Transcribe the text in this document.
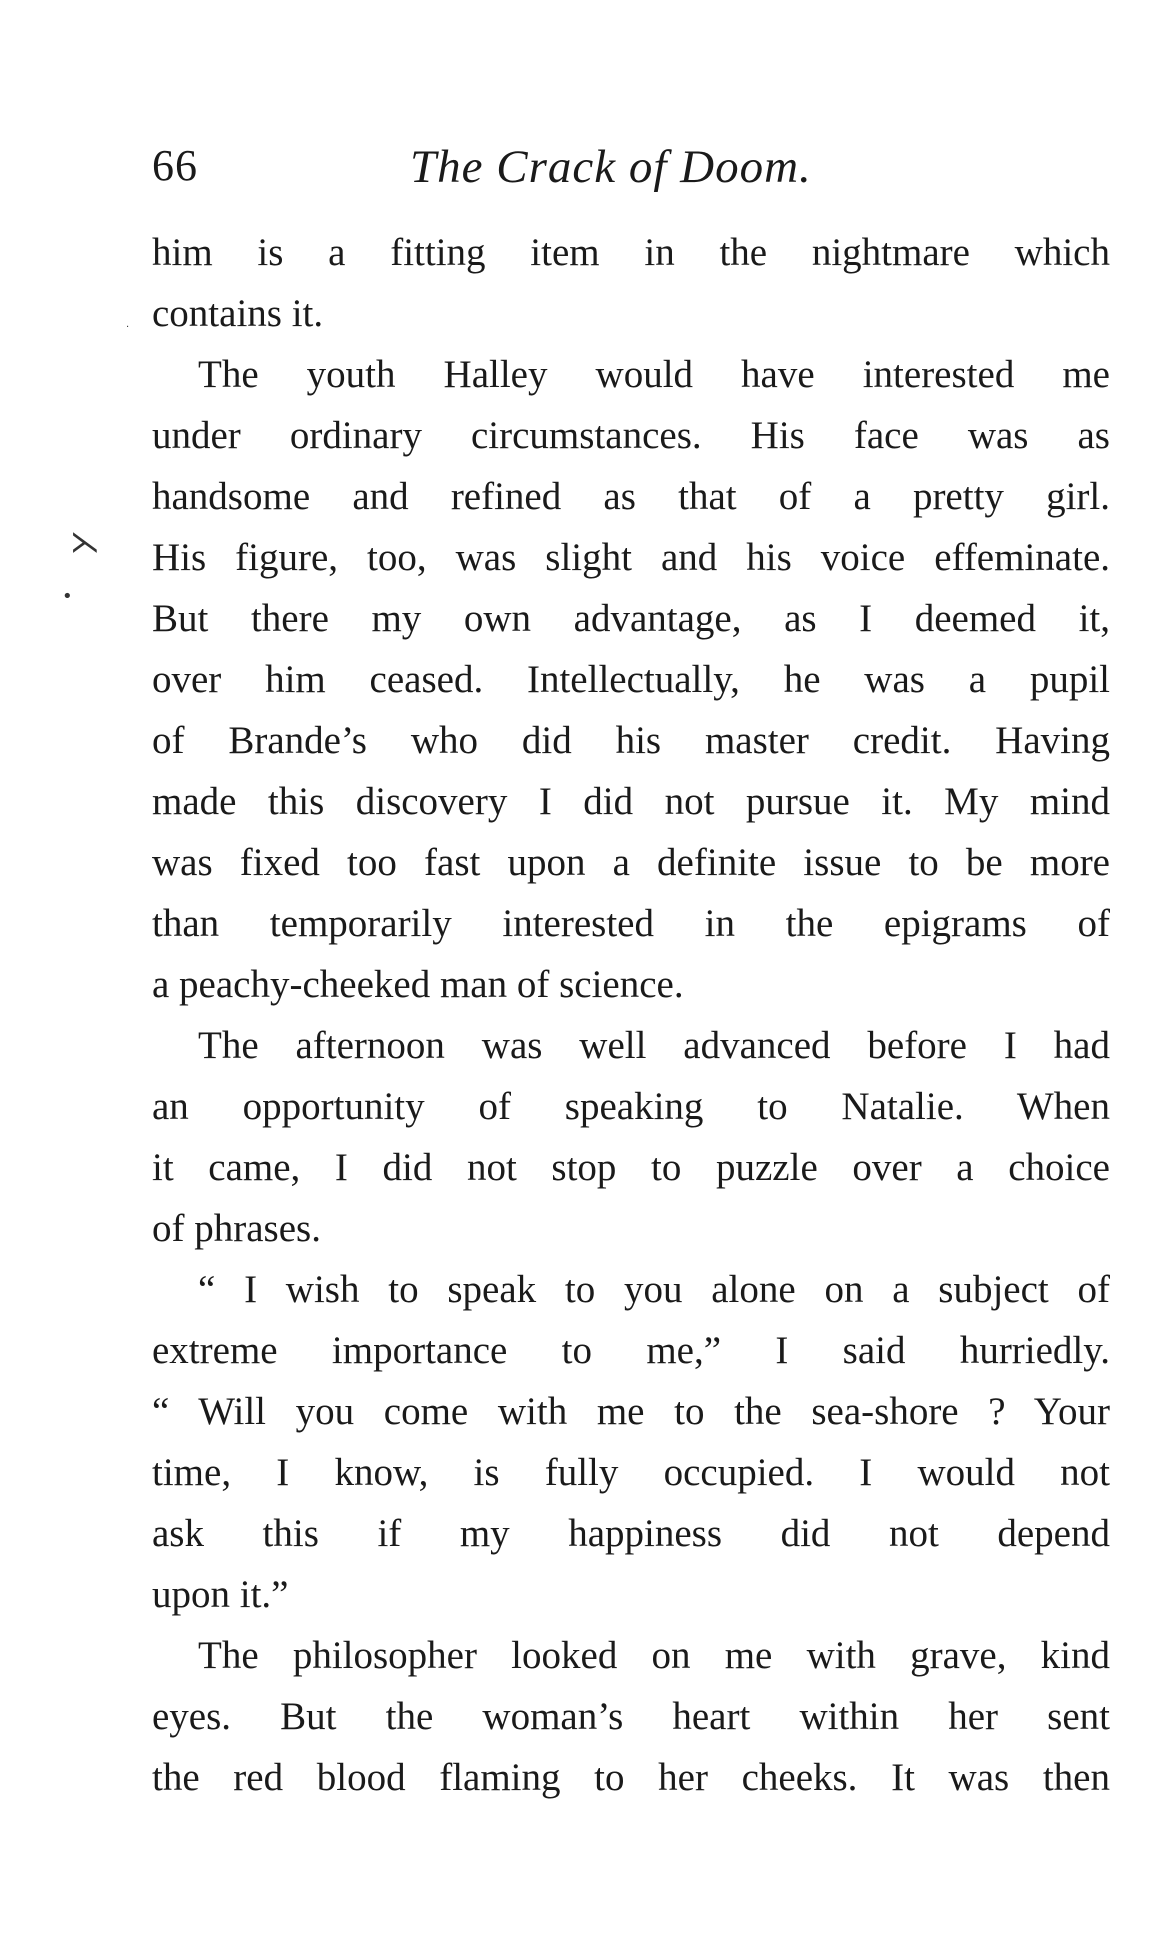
66	The Crack of Doom.
⋋
•
·
him is a fitting item in the nightmare which
contains it.
The youth Halley would have interested me
under ordinary circumstances. His face was as
handsome and refined as that of a pretty girl.
His figure, too, was slight and his voice effeminate.
But there my own advantage, as I deemed it,
over him ceased. Intellectually, he was a pupil
of Brande’s who did his master credit. Having
made this discovery I did not pursue it. My mind
was fixed too fast upon a definite issue to be more
than temporarily interested in the epigrams of
a peachy-cheeked man of science.
The afternoon was well advanced before I had
an opportunity of speaking to Natalie. When
it came, I did not stop to puzzle over a choice
of phrases.
“ I wish to speak to you alone on a subject of
extreme importance to me,” I said hurriedly.
“ Will you come with me to the sea-shore ? Your
time, I know, is fully occupied. I would not
ask this if my happiness did not depend
upon it.”
The philosopher looked on me with grave, kind
eyes. But the woman’s heart within her sent
the red blood flaming to her cheeks. It was then
